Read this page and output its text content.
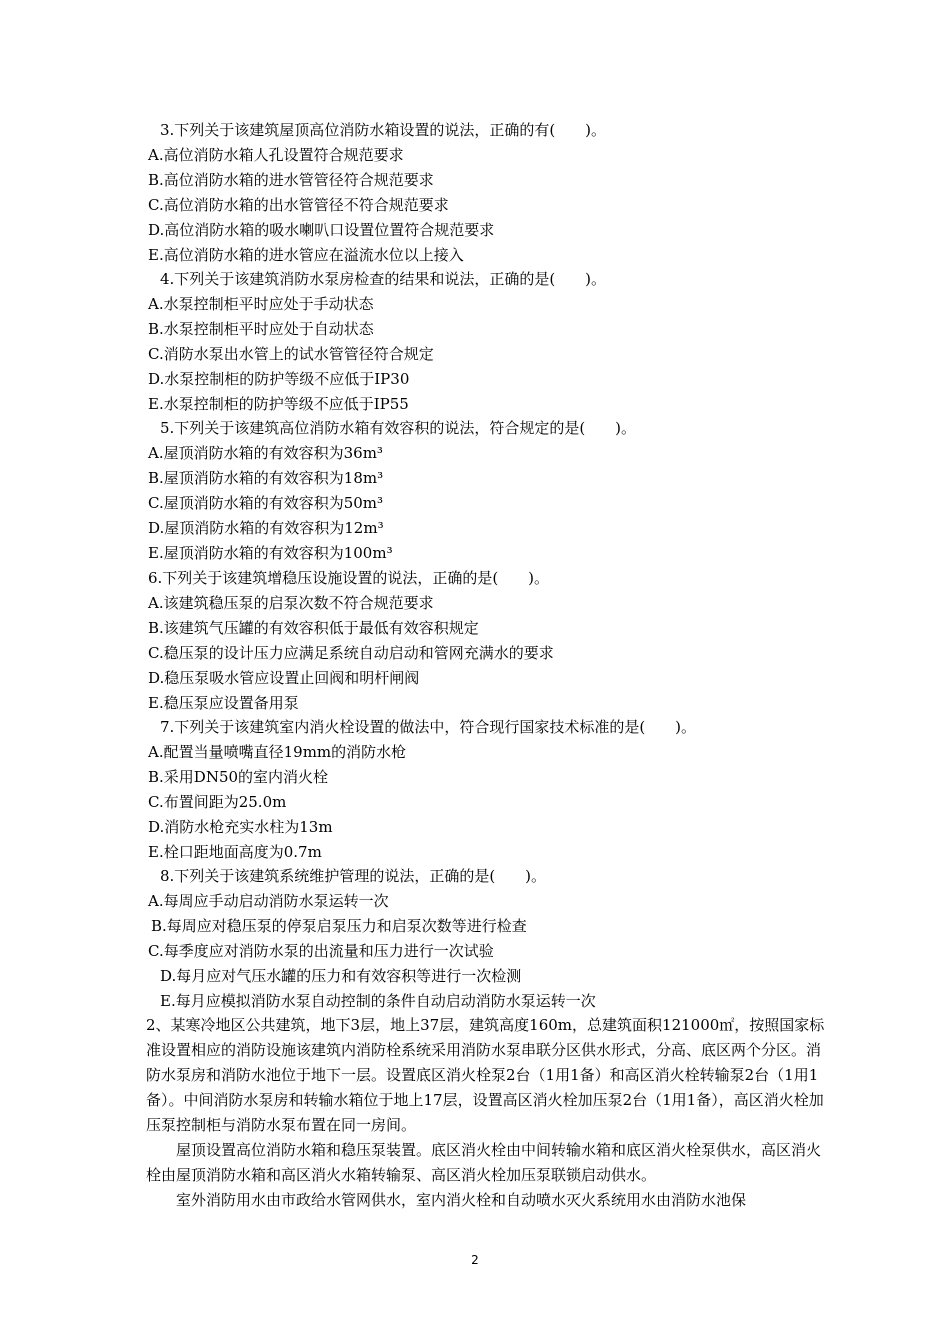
3.下列关于该建筑屋顶高位消防水箱设置的说法，正确的有(　　)。
A.高位消防水箱人孔设置符合规范要求
B.高位消防水箱的进水管管径符合规范要求
C.高位消防水箱的出水管管径不符合规范要求
D.高位消防水箱的吸水喇叭口设置位置符合规范要求
E.高位消防水箱的进水管应在溢流水位以上接入
4.下列关于该建筑消防水泵房检查的结果和说法，正确的是(　　)。
A.水泵控制柜平时应处于手动状态
B.水泵控制柜平时应处于自动状态
C.消防水泵出水管上的试水管管径符合规定
D.水泵控制柜的防护等级不应低于IP30
E.水泵控制柜的防护等级不应低于IP55
5.下列关于该建筑高位消防水箱有效容积的说法，符合规定的是(　　)。
A.屋顶消防水箱的有效容积为36m³
B.屋顶消防水箱的有效容积为18m³
C.屋顶消防水箱的有效容积为50m³
D.屋顶消防水箱的有效容积为12m³
E.屋顶消防水箱的有效容积为100m³
6.下列关于该建筑增稳压设施设置的说法，正确的是(　　)。
A.该建筑稳压泵的启泵次数不符合规范要求
B.该建筑气压罐的有效容积低于最低有效容积规定
C.稳压泵的设计压力应满足系统自动启动和管网充满水的要求
D.稳压泵吸水管应设置止回阀和明杆闸阀
E.稳压泵应设置备用泵
7.下列关于该建筑室内消火栓设置的做法中，符合现行国家技术标准的是(　　)。
A.配置当量喷嘴直径19mm的消防水枪
B.采用DN50的室内消火栓
C.布置间距为25.0m
D.消防水枪充实水柱为13m
E.栓口距地面高度为0.7m
8.下列关于该建筑系统维护管理的说法，正确的是(　　)。
A.每周应手动启动消防水泵运转一次
B.每周应对稳压泵的停泵启泵压力和启泵次数等进行检查
C.每季度应对消防水泵的出流量和压力进行一次试验
D.每月应对气压水罐的压力和有效容积等进行一次检测
E.每月应模拟消防水泵自动控制的条件自动启动消防水泵运转一次
2、某寒冷地区公共建筑，地下3层，地上37层，建筑高度160m，总建筑面积121000㎡，按照国家标准设置相应的消防设施该建筑内消防栓系统采用消防水泵串联分区供水形式，分高、底区两个分区。消防水泵房和消防水池位于地下一层。设置底区消火栓泵2台（1用1备）和高区消火栓转输泵2台（1用1备）。中间消防水泵房和转输水箱位于地上17层，设置高区消火栓加压泵2台（1用1备），高区消火栓加压泵控制柜与消防水泵布置在同一房间。
屋顶设置高位消防水箱和稳压泵装置。底区消火栓由中间转输水箱和底区消火栓泵供水，高区消火栓由屋顶消防水箱和高区消火水箱转输泵、高区消火栓加压泵联锁启动供水。
室外消防用水由市政给水管网供水，室内消火栓和自动喷水灭火系统用水由消防水池保
2
